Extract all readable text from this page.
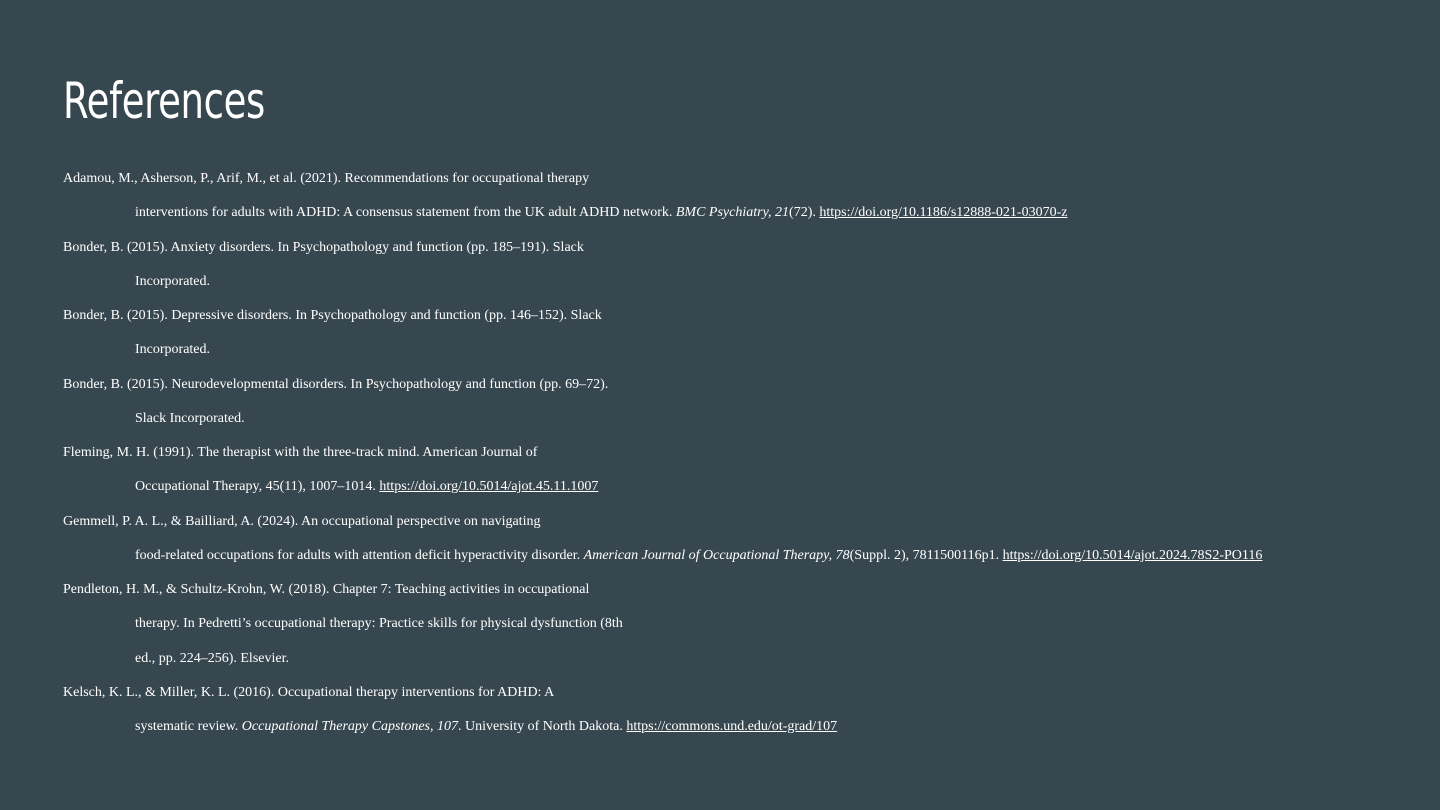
References
Adamou, M., Asherson, P., Arif, M., et al. (2021). Recommendations for occupational therapy
interventions for adults with ADHD: A consensus statement from the UK adult ADHD network. BMC Psychiatry, 21(72). https://doi.org/10.1186/s12888-021-03070-z
Bonder, B. (2015). Anxiety disorders. In Psychopathology and function (pp. 185–191). Slack
Incorporated.
Bonder, B. (2015). Depressive disorders. In Psychopathology and function (pp. 146–152). Slack
Incorporated.
Bonder, B. (2015). Neurodevelopmental disorders. In Psychopathology and function (pp. 69–72).
Slack Incorporated.
Fleming, M. H. (1991). The therapist with the three-track mind. American Journal of
Occupational Therapy, 45(11), 1007–1014. https://doi.org/10.5014/ajot.45.11.1007
Gemmell, P. A. L., & Bailliard, A. (2024). An occupational perspective on navigating
food-related occupations for adults with attention deficit hyperactivity disorder. American Journal of Occupational Therapy, 78(Suppl. 2), 7811500116p1. https://doi.org/10.5014/ajot.2024.78S2-PO116
Pendleton, H. M., & Schultz-Krohn, W. (2018). Chapter 7: Teaching activities in occupational
therapy. In Pedretti’s occupational therapy: Practice skills for physical dysfunction (8th
ed., pp. 224–256). Elsevier.
Kelsch, K. L., & Miller, K. L. (2016). Occupational therapy interventions for ADHD: A
systematic review. Occupational Therapy Capstones, 107. University of North Dakota. https://commons.und.edu/ot-grad/107
